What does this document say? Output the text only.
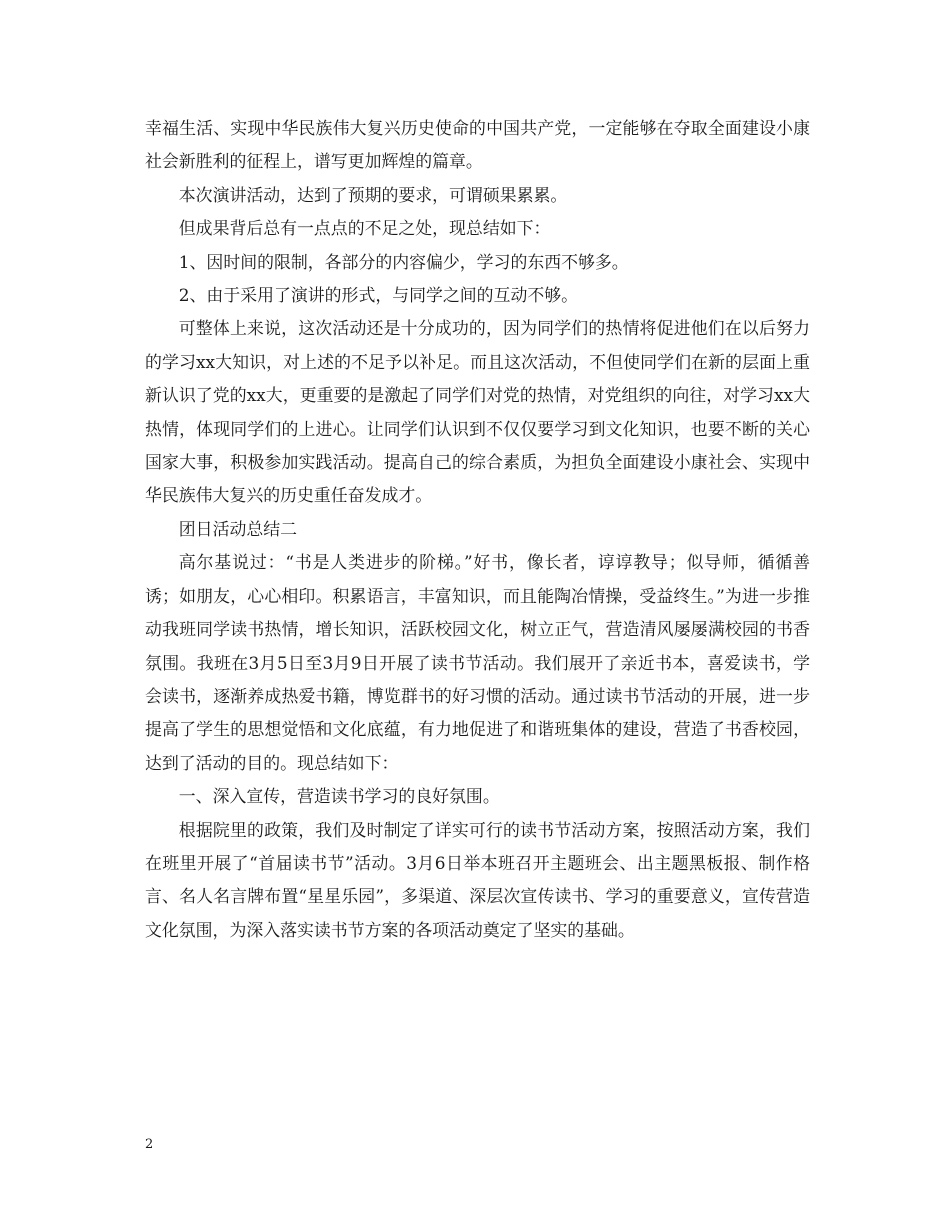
幸福生活、实现中华民族伟大复兴历史使命的中国共产党，一定能够在夺取全面建设小康社会新胜利的征程上，谱写更加辉煌的篇章。

本次演讲活动，达到了预期的要求，可谓硕果累累。

但成果背后总有一点点的不足之处，现总结如下：

1、因时间的限制，各部分的内容偏少，学习的东西不够多。

2、由于采用了演讲的形式，与同学之间的互动不够。

可整体上来说，这次活动还是十分成功的，因为同学们的热情将促进他们在以后努力的学习xx大知识，对上述的不足予以补足。而且这次活动，不但使同学们在新的层面上重新认识了党的xx大，更重要的是激起了同学们对党的热情，对党组织的向往，对学习xx大热情，体现同学们的上进心。让同学们认识到不仅仅要学习到文化知识，也要不断的关心国家大事，积极参加实践活动。提高自己的综合素质，为担负全面建设小康社会、实现中华民族伟大复兴的历史重任奋发成才。

团日活动总结二

高尔基说过：“书是人类进步的阶梯。”好书，像长者，谆谆教导；似导师，循循善诱；如朋友，心心相印。积累语言，丰富知识，而且能陶冶情操，受益终生。”为进一步推动我班同学读书热情，增长知识，活跃校园文化，树立正气，营造清风屡屡满校园的书香氛围。我班在3月5日至3月9日开展了读书节活动。我们展开了亲近书本，喜爱读书，学会读书，逐渐养成热爱书籍，博览群书的好习惯的活动。通过读书节活动的开展，进一步提高了学生的思想觉悟和文化底蕴，有力地促进了和谐班集体的建设，营造了书香校园，达到了活动的目的。现总结如下：

一、深入宣传，营造读书学习的良好氛围。

根据院里的政策，我们及时制定了详实可行的读书节活动方案，按照活动方案，我们在班里开展了“首届读书节”活动。3月6日举本班召开主题班会、出主题黑板报、制作格言、名人名言牌布置“星星乐园”，多渠道、深层次宣传读书、学习的重要意义，宣传营造文化氛围，为深入落实读书节方案的各项活动奠定了坚实的基础。

2
